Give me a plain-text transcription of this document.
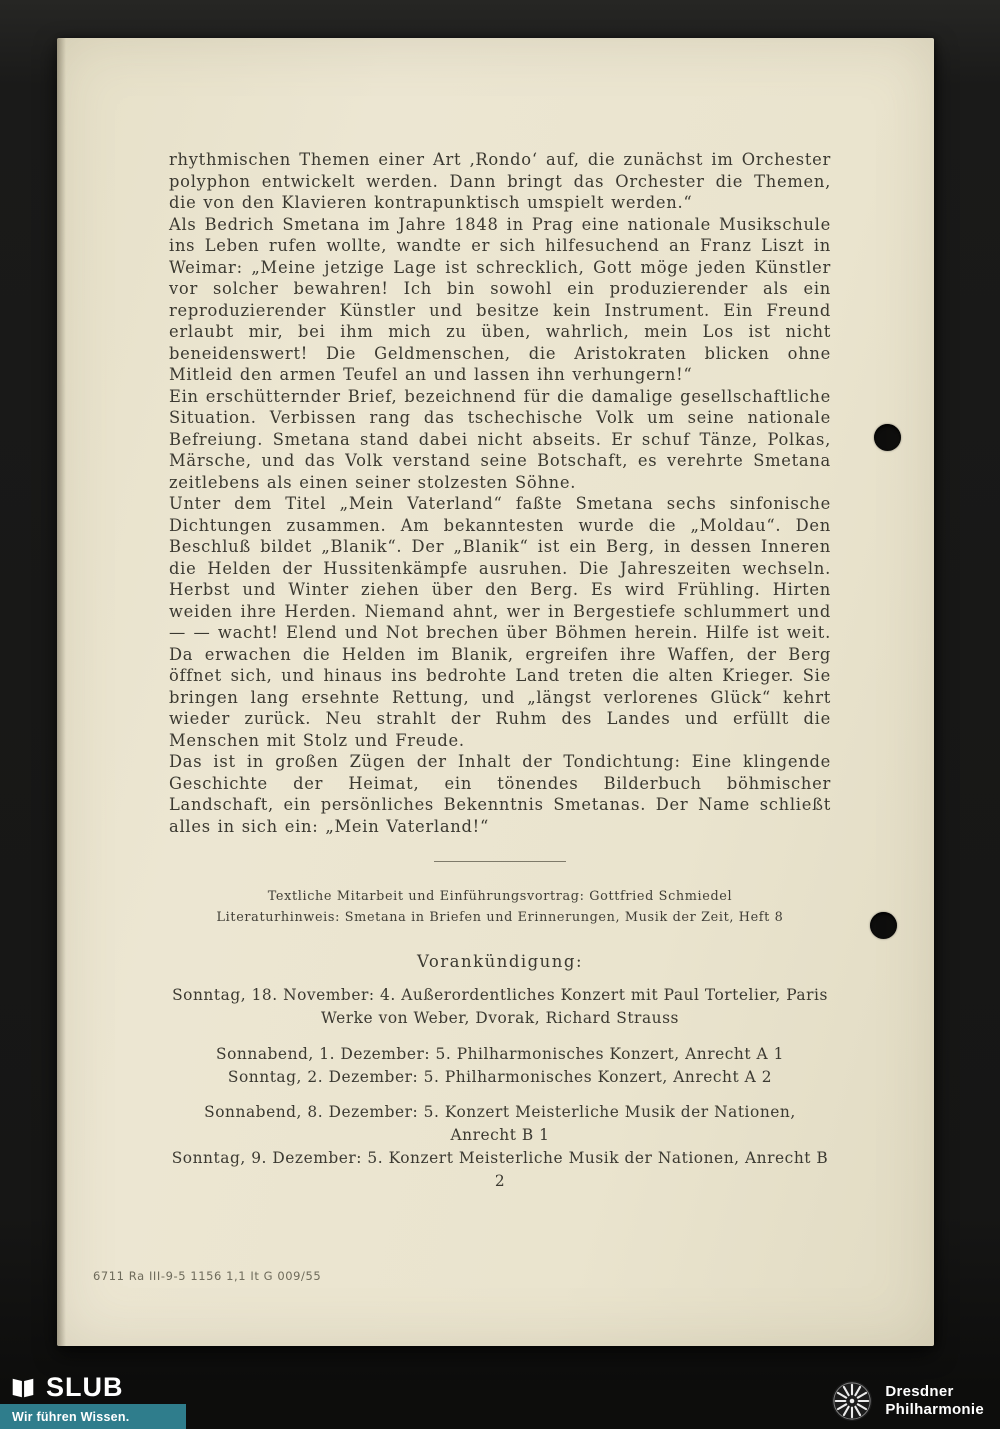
rhythmischen Themen einer Art ‚Rondo‘ auf, die zunächst im Orchester polyphon entwickelt werden. Dann bringt das Orchester die Themen, die von den Klavieren kontrapunktisch umspielt werden.“

Als Bedrich Smetana im Jahre 1848 in Prag eine nationale Musikschule ins Leben rufen wollte, wandte er sich hilfesuchend an Franz Liszt in Weimar: „Meine jetzige Lage ist schrecklich, Gott möge jeden Künstler vor solcher bewahren! Ich bin sowohl ein produzierender als ein reproduzierender Künstler und besitze kein Instrument. Ein Freund erlaubt mir, bei ihm mich zu üben, wahrlich, mein Los ist nicht beneidenswert! Die Geldmenschen, die Aristokraten blicken ohne Mitleid den armen Teufel an und lassen ihn verhungern!“

Ein erschütternder Brief, bezeichnend für die damalige gesellschaftliche Situation. Verbissen rang das tschechische Volk um seine nationale Befreiung. Smetana stand dabei nicht abseits. Er schuf Tänze, Polkas, Märsche, und das Volk verstand seine Botschaft, es verehrte Smetana zeitlebens als einen seiner stolzesten Söhne.

Unter dem Titel „Mein Vaterland“ faßte Smetana sechs sinfonische Dichtungen zusammen. Am bekanntesten wurde die „Moldau“. Den Beschluß bildet „Blanik“. Der „Blanik“ ist ein Berg, in dessen Inneren die Helden der Hussitenkämpfe ausruhen. Die Jahreszeiten wechseln. Herbst und Winter ziehen über den Berg. Es wird Frühling. Hirten weiden ihre Herden. Niemand ahnt, wer in Bergestiefe schlummert und — — wacht! Elend und Not brechen über Böhmen herein. Hilfe ist weit. Da erwachen die Helden im Blanik, ergreifen ihre Waffen, der Berg öffnet sich, und hinaus ins bedrohte Land treten die alten Krieger. Sie bringen lang ersehnte Rettung, und „längst verlorenes Glück“ kehrt wieder zurück. Neu strahlt der Ruhm des Landes und erfüllt die Menschen mit Stolz und Freude.

Das ist in großen Zügen der Inhalt der Tondichtung: Eine klingende Geschichte der Heimat, ein tönendes Bilderbuch böhmischer Landschaft, ein persönliches Bekenntnis Smetanas. Der Name schließt alles in sich ein: „Mein Vaterland!“

Textliche Mitarbeit und Einführungsvortrag: Gottfried Schmiedel

Literaturhinweis: Smetana in Briefen und Erinnerungen, Musik der Zeit, Heft 8

Vorankündigung:

Sonntag, 18. November: 4. Außerordentliches Konzert mit Paul Tortelier, Paris

Werke von Weber, Dvorak, Richard Strauss

Sonnabend, 1. Dezember: 5. Philharmonisches Konzert, Anrecht A 1

Sonntag, 2. Dezember: 5. Philharmonisches Konzert, Anrecht A 2

Sonnabend, 8. Dezember: 5. Konzert Meisterliche Musik der Nationen, Anrecht B 1

Sonntag, 9. Dezember: 5. Konzert Meisterliche Musik der Nationen, Anrecht B 2

6711 Ra III-9-5 1156 1,1 It G 009/55
SLUB
Wir führen Wissen.
Dresdner
Philharmonie
